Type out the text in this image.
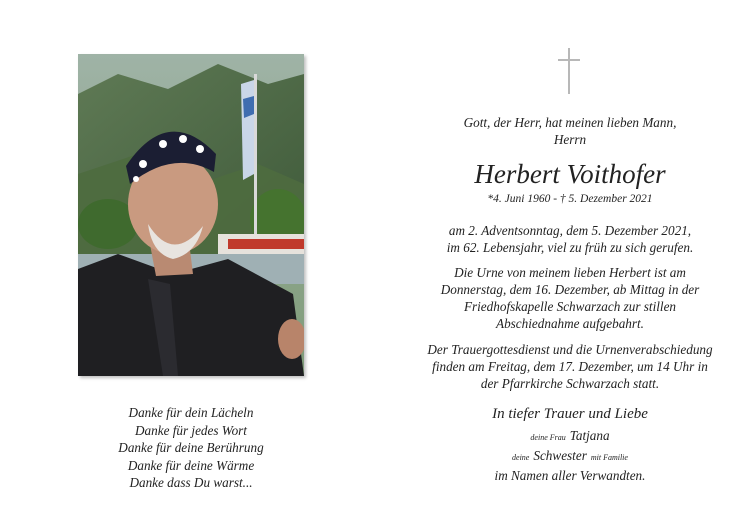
Danke für dein Lächeln
Danke für jedes Wort
Danke für deine Berührung
Danke für deine Wärme
Danke dass Du warst...
Gott, der Herr, hat meinen lieben Mann,
Herrn
Herbert Voithofer
*4. Juni 1960 - † 5. Dezember 2021
am 2. Adventsonntag, dem 5. Dezember 2021,
im 62. Lebensjahr, viel zu früh zu sich gerufen.
Die Urne von meinem lieben Herbert ist am
Donnerstag, dem 16. Dezember, ab Mittag in der
Friedhofskapelle Schwarzach zur stillen
Abschiednahme aufgebahrt.
Der Trauergottesdienst und die Urnenverabschiedung
finden am Freitag, dem 17. Dezember, um 14 Uhr in
der Pfarrkirche Schwarzach statt.
In tiefer Trauer und Liebe
deine Frau Tatjana
deine Schwester mit Familie
im Namen aller Verwandten.
